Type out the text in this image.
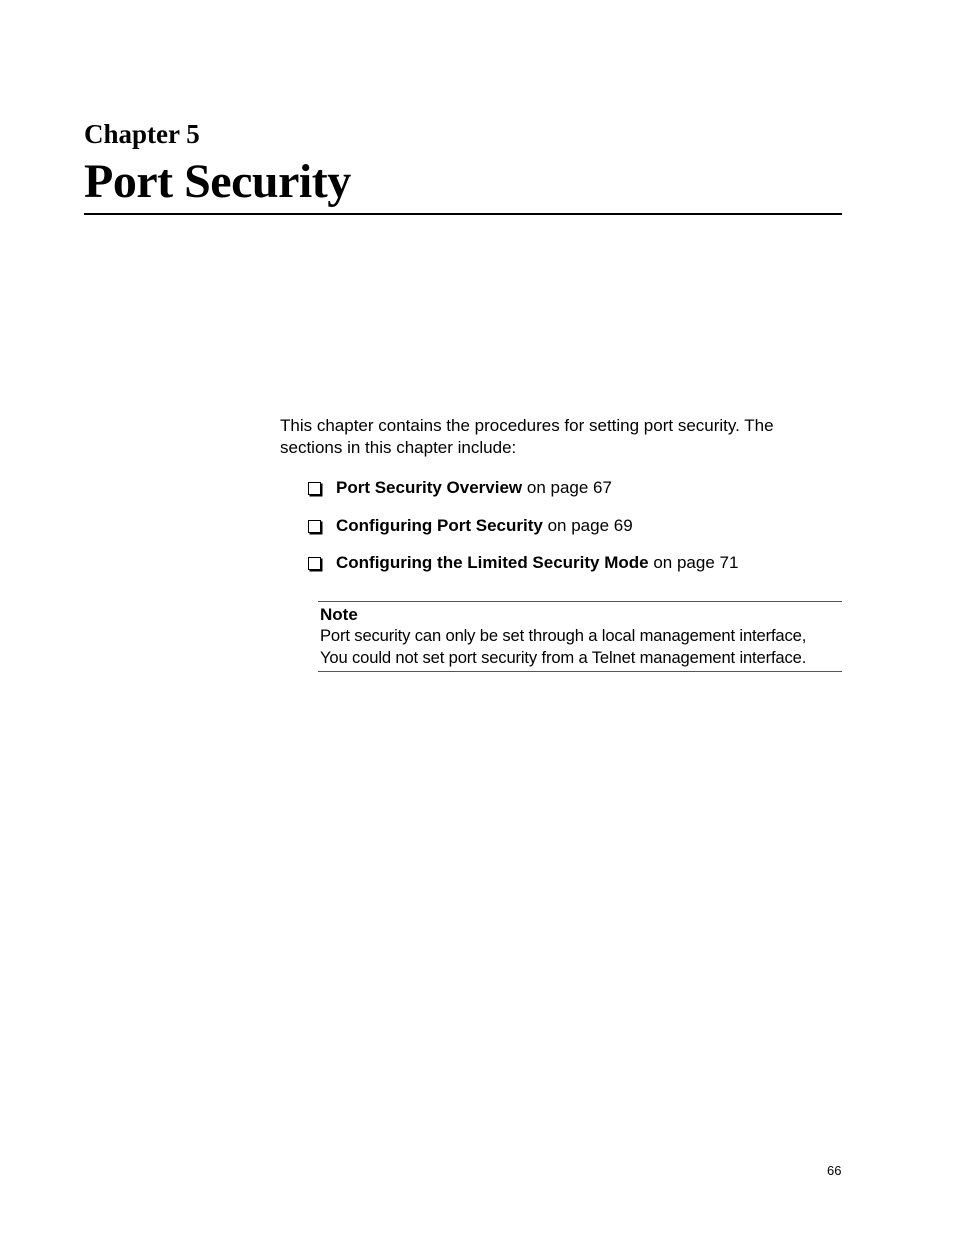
Chapter 5
Port Security

This chapter contains the procedures for setting port security. The sections in this chapter include:

Port Security Overview on page 67
Configuring Port Security on page 69
Configuring the Limited Security Mode on page 71

Note

Port security can only be set through a local management interface,

You could not set port security from a Telnet management interface.

66
